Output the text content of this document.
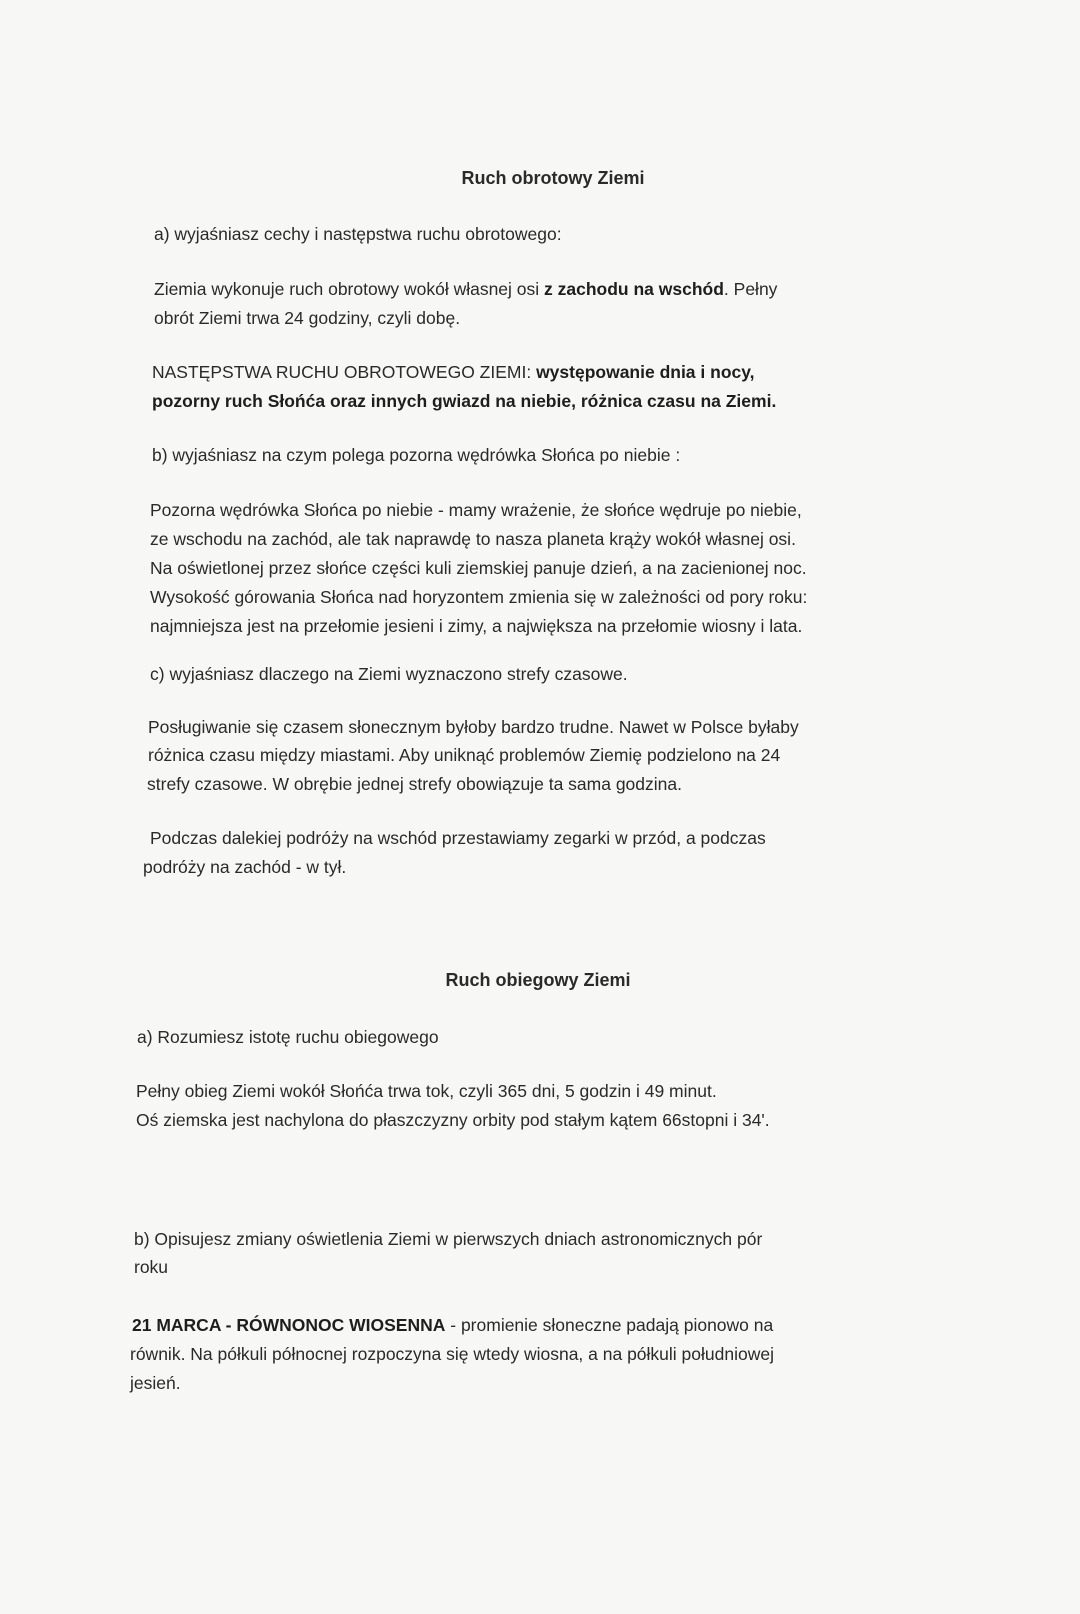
Ruch obrotowy Ziemi
a) wyjaśniasz cechy i następstwa ruchu obrotowego:
Ziemia wykonuje ruch obrotowy wokół własnej osi z zachodu na wschód. Pełny
obrót Ziemi trwa 24 godziny, czyli dobę.
NASTĘPSTWA RUCHU OBROTOWEGO ZIEMI: występowanie dnia i nocy,
pozorny ruch Słońća oraz innych gwiazd na niebie, różnica czasu na Ziemi.
b) wyjaśniasz na czym polega pozorna wędrówka Słońca po niebie :
Pozorna wędrówka Słońca po niebie - mamy wrażenie, że słońce wędruje po niebie,
ze wschodu na zachód, ale tak naprawdę to nasza planeta krąży wokół własnej osi.
Na oświetlonej przez słońce części kuli ziemskiej panuje dzień, a na zacienionej noc.
Wysokość górowania Słońca nad horyzontem zmienia się w zależności od pory roku:
najmniejsza jest na przełomie jesieni i zimy, a największa na przełomie wiosny i lata.
c) wyjaśniasz dlaczego na Ziemi wyznaczono strefy czasowe.
Posługiwanie się czasem słonecznym byłoby bardzo trudne. Nawet w Polsce byłaby
różnica czasu między miastami. Aby uniknąć problemów Ziemię podzielono na 24
strefy czasowe. W obrębie jednej strefy obowiązuje ta sama godzina.
Podczas dalekiej podróży na wschód przestawiamy zegarki w przód, a podczas
podróży na zachód - w tył.
Ruch obiegowy Ziemi
a) Rozumiesz istotę ruchu obiegowego
Pełny obieg Ziemi wokół Słońća trwa tok, czyli 365 dni, 5 godzin i 49 minut.
Oś ziemska jest nachylona do płaszczyzny orbity pod stałym kątem 66stopni i 34'.
b) Opisujesz zmiany oświetlenia Ziemi w pierwszych dniach astronomicznych pór
roku
21 MARCA - RÓWNONOC WIOSENNA - promienie słoneczne padają pionowo na
równik. Na półkuli północnej rozpoczyna się wtedy wiosna, a na półkuli południowej
jesień.
